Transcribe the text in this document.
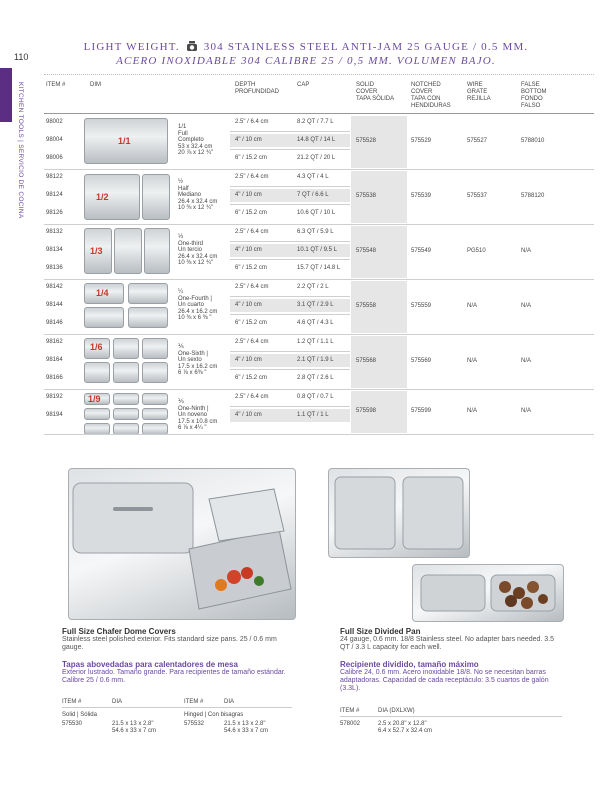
110
KITCHEN TOOLS | SERVICIO DE COCINA
LIGHT WEIGHT. 304 STAINLESS STEEL ANTI-JAM 25 GAUGE / 0.5 MM.
ACERO INOXIDABLE 304 CALIBRE 25 / 0,5 MM. VOLUMEN BAJO.
ITEM #	DIM	DEPTH
PROFUNDIDAD
CAP	SOLID
COVER
TAPA SÓLIDA
NOTCHED
COVER
TAPA CON
HENDIDURAS
WIRE
GRATE
REJILLA
FALSE
BOTTOM
FONDO
FALSO
1/1
1/1
Full
Completo
53 x 32.4 cm
20 ⅞ x 12 ¾"
98002	2.5" / 6.4 cm	8.2 QT / 7.7 L
98004	4" / 10 cm	14.8 QT / 14 L
98006	6" / 15.2 cm	21.2 QT / 20 L
575528	575529	575527	5788010
1/2
½
Half
Mediano
26.4 x 32.4 cm
10 ⅜ x 12 ¾"
98122	2.5" / 6.4 cm	4.3 QT / 4 L
98124	4" / 10 cm	7 QT / 6.6 L
98126	6" / 15.2 cm	10.6 QT / 10 L
575538	575539	575537	5788120
1/3
⅓
One-third
Un tercio
26.4 x 32.4 cm
10 ⅜ x 12 ¾"
98132	2.5" / 6.4 cm	6.3 QT / 5.9 L
98134	4" / 10 cm	10.1 QT / 9.5 L
98136	6" / 15.2 cm	15.7 QT / 14.8 L
575548	575549	PG510	N/A
1/4	¼
One-Fourth |
Un cuarto
26.4 x 16.2 cm
10 ⅜ x 6 ⅜ "
98142	2.5" / 6.4 cm	2.2 QT / 2 L
98144	4" / 10 cm	3.1 QT / 2.9 L
98146	6" / 15.2 cm	4.6 QT / 4.3 L
575558	575559	N/A	N/A
1/6	⅙
One-Sixth |
Un sexto
17.5 x 16.2 cm
6 ⅞ x 6⅜ "
98162	2.5" / 6.4 cm	1.2 QT / 1.1 L
98164	4" / 10 cm	2.1 QT / 1.9 L
98166	6" / 15.2 cm	2.8 QT / 2.6 L
575568	575569	N/A	N/A
1/9	⅑
One-Ninth |
Un noveno
17.5 x 10.8 cm
6 ⅞ x 4¼ "
98192	2.5" / 6.4 cm	0.8 QT / 0.7 L
98194	4" / 10 cm	1.1 QT / 1 L
575598	575599	N/A	N/A
Full Size Chafer Dome Covers
Stainless steel polished exterior. Fits standard size pans. 25 / 0.6 mm gauge.
Tapas abovedadas para calentadores de mesa
Exterior lustrado. Tamaño grande. Para recipientes de tamaño estándar. Calibre 25 / 0.6 mm.
ITEM #	DIA	ITEM #	DIA
Solid | Sólida
575530	21.5 x 13 x 2.8"
54.6 x 33 x 7 cm
Hinged | Con bisagras
575532	21.5 x 13 x 2.8"
54.6 x 33 x 7 cm
Full Size Divided Pan
24 gauge, 0.6 mm. 18/8 Stainless steel. No adapter bars needed. 3.5 QT / 3.3 L capacity for each well.
Recipiente dividido, tamaño máximo
Calibre 24, 0.6 mm. Acero inoxidable 18/8. No se necesitan barras adaptadoras. Capacidad de cada receptáculo: 3.5 cuartos de galón (3.3L).
ITEM #	DIA (DXLXW)
578002	2.5 x 20.8" x 12.8"
6.4 x 52.7 x 32.4 cm
